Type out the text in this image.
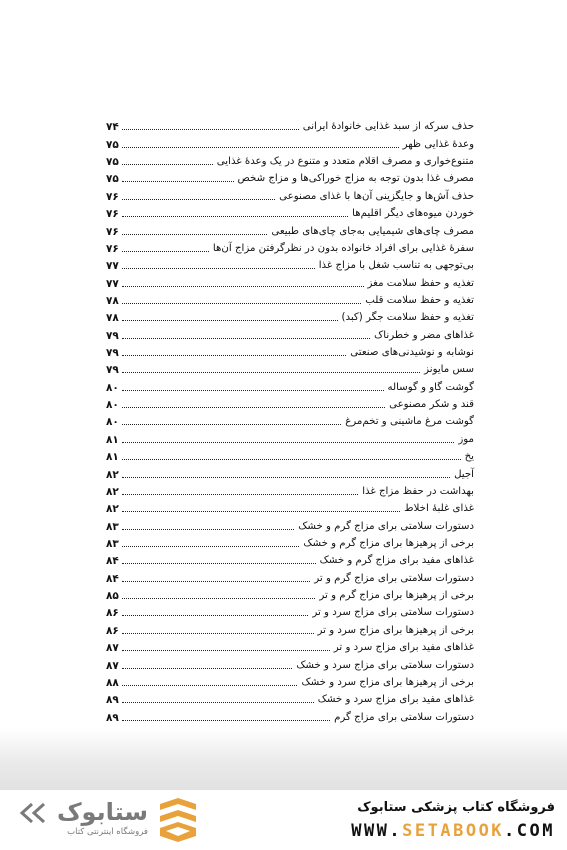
حذف سرکه از سبد غذایی خانوادهٔ ایرانی
۷۴
وعدهٔ غذایی ظهر
۷۵
متنوع‌خواری و مصرف اقلام متعدد و متنوع در یک وعدهٔ غذایی
۷۵
مصرف غذا بدون توجه به مزاج خوراکی‌ها و مزاج شخص
۷۵
حذف آش‌ها و جایگزینی آن‌ها با غذای مصنوعی
۷۶
خوردن میوه‌های دیگر اقلیم‌ها
۷۶
مصرف چای‌های شیمیایی به‌جای چای‌های طبیعی
۷۶
سفرهٔ غذایی برای افراد خانواده بدون در نظرگرفتن مزاج آن‌ها
۷۶
بی‌توجهی به تناسب شغل با مزاج غذا
۷۷
تغذیه و حفظ سلامت مغز
۷۷
تغذیه و حفظ سلامت قلب
۷۸
تغذیه و حفظ سلامت جگر (کبد)
۷۸
غذاهای مضر و خطرناک
۷۹
نوشابه و نوشیدنی‌های صنعتی
۷۹
سس مایونز
۷۹
گوشت گاو و گوساله
۸۰
قند و شکر مصنوعی
۸۰
گوشت مرغ ماشینی و تخم‌مرغ
۸۰
موز
۸۱
یخ
۸۱
آجیل
۸۲
بهداشت در حفظ مزاج غذا
۸۲
غذای غلبهٔ اخلاط
۸۲
دستورات سلامتی برای مزاج گرم و خشک
۸۳
برخی از پرهیزها برای مزاج گرم و خشک
۸۳
غذاهای مفید برای مزاج گرم و خشک
۸۴
دستورات سلامتی برای مزاج گرم و تر
۸۴
برخی از پرهیزها برای مزاج گرم و تر
۸۵
دستورات سلامتی برای مزاج سرد و تر
۸۶
برخی از پرهیزها برای مزاج سرد و تر
۸۶
غذاهای مفید برای مزاج سرد و تر
۸۷
دستورات سلامتی برای مزاج سرد و خشک
۸۷
برخی از پرهیزها برای مزاج سرد و خشک
۸۸
غذاهای مفید برای مزاج سرد و خشک
۸۹
دستورات سلامتی برای مزاج گرم
۸۹
ستابوک
فروشگاه اینترنتی کتاب
فروشگاه کتاب پزشکی ستابوک
WWW.SETABOOK.COM
